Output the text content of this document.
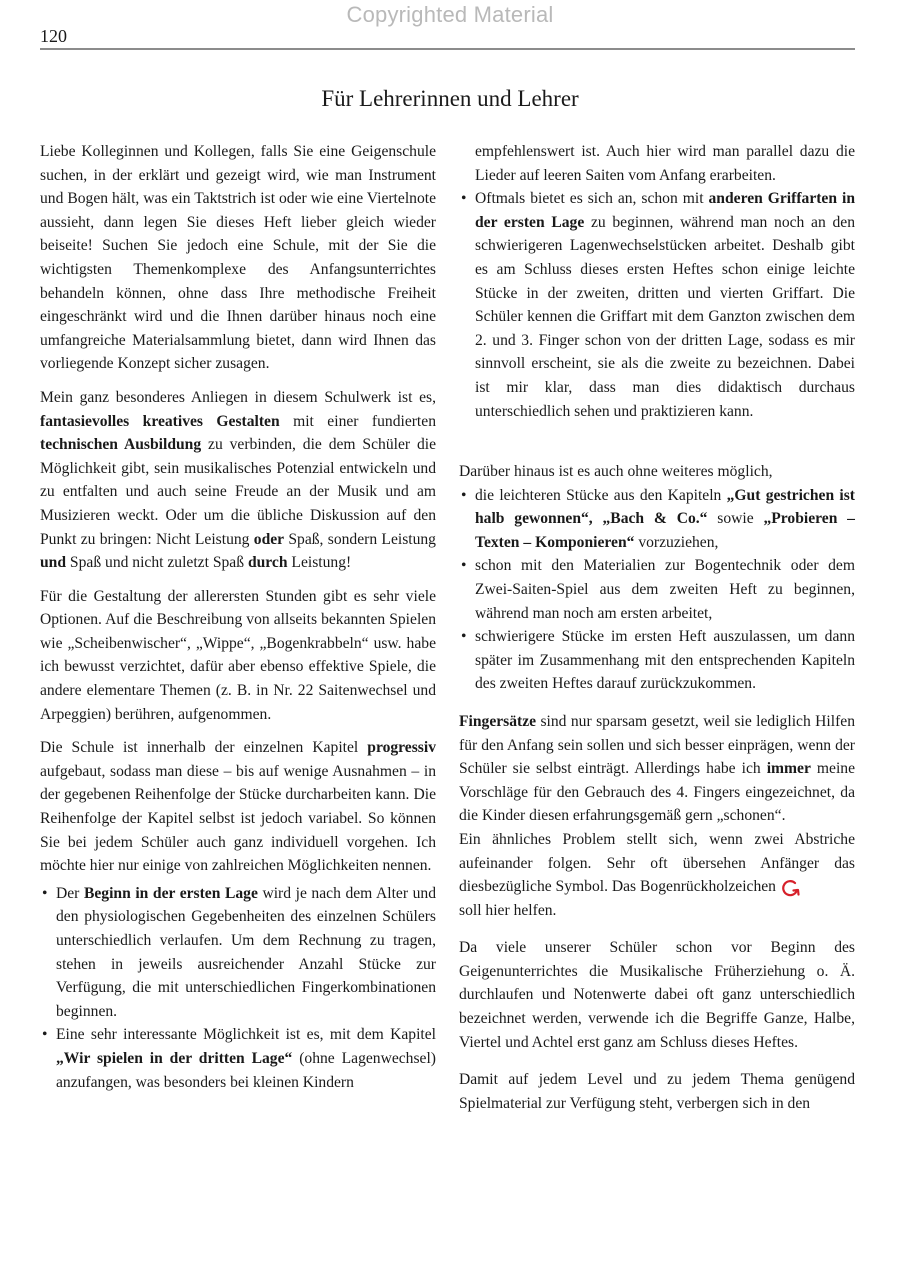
Copyrighted Material
120
Für Lehrerinnen und Lehrer

Liebe Kolleginnen und Kollegen, falls Sie eine Geigenschule suchen, in der erklärt und gezeigt wird, wie man Instrument und Bogen hält, was ein Taktstrich ist oder wie eine Viertelnote aussieht, dann legen Sie dieses Heft lieber gleich wieder beiseite! Suchen Sie jedoch eine Schule, mit der Sie die wichtigsten Themenkomplexe des Anfangsunterrichtes behandeln können, ohne dass Ihre methodische Freiheit eingeschränkt wird und die Ihnen darüber hinaus noch eine umfangreiche Materialsammlung bietet, dann wird Ihnen das vorliegende Konzept sicher zusagen.

Mein ganz besonderes Anliegen in diesem Schulwerk ist es, fantasievolles kreatives Gestalten mit einer fundierten technischen Ausbildung zu verbinden, die dem Schüler die Möglichkeit gibt, sein musikalisches Potenzial entwickeln und zu entfalten und auch seine Freude an der Musik und am Musizieren weckt. Oder um die übliche Diskussion auf den Punkt zu bringen: Nicht Leistung oder Spaß, sondern Leistung und Spaß und nicht zuletzt Spaß durch Leistung!

Für die Gestaltung der allerersten Stunden gibt es sehr viele Optionen. Auf die Beschreibung von allseits bekannten Spielen wie „Scheibenwischer“, „Wippe“, „Bogenkrabbeln“ usw. habe ich bewusst verzichtet, dafür aber ebenso effektive Spiele, die andere elementare Themen (z. B. in Nr. 22 Saitenwechsel und Arpeggien) berühren, aufgenommen.

Die Schule ist innerhalb der einzelnen Kapitel progressiv aufgebaut, sodass man diese – bis auf wenige Ausnahmen – in der gegebenen Reihenfolge der Stücke durcharbeiten kann. Die Reihenfolge der Kapitel selbst ist jedoch variabel. So können Sie bei jedem Schüler auch ganz individuell vorgehen. Ich möchte hier nur einige von zahlreichen Möglichkeiten nennen.

• Der Beginn in der ersten Lage wird je nach dem Alter und den physiologischen Gegebenheiten des einzelnen Schülers unterschiedlich verlaufen. Um dem Rechnung zu tragen, stehen in jeweils ausreichender Anzahl Stücke zur Verfügung, die mit unterschiedlichen Fingerkombinationen beginnen.
• Eine sehr interessante Möglichkeit ist es, mit dem Kapitel „Wir spielen in der dritten Lage“ (ohne Lagenwechsel) anzufangen, was besonders bei kleinen Kindern
empfehlenswert ist. Auch hier wird man parallel dazu die Lieder auf leeren Saiten vom Anfang erarbeiten.
• Oftmals bietet es sich an, schon mit anderen Griffarten in der ersten Lage zu beginnen, während man noch an den schwierigeren Lagenwechselstücken arbeitet. Deshalb gibt es am Schluss dieses ersten Heftes schon einige leichte Stücke in der zweiten, dritten und vierten Griffart. Die Schüler kennen die Griffart mit dem Ganzton zwischen dem 2. und 3. Finger schon von der dritten Lage, sodass es mir sinnvoll erscheint, sie als die zweite zu bezeichnen. Dabei ist mir klar, dass man dies didaktisch durchaus unterschiedlich sehen und praktizieren kann.

Darüber hinaus ist es auch ohne weiteres möglich,

• die leichteren Stücke aus den Kapiteln „Gut gestrichen ist halb gewonnen“, „Bach & Co.“ sowie „Probieren – Texten – Komponieren“ vorzuziehen,
• schon mit den Materialien zur Bogentechnik oder dem Zwei-Saiten-Spiel aus dem zweiten Heft zu beginnen, während man noch am ersten arbeitet,
• schwierigere Stücke im ersten Heft auszulassen, um dann später im Zusammenhang mit den entsprechenden Kapiteln des zweiten Heftes darauf zurückzukommen.

Fingersätze sind nur sparsam gesetzt, weil sie lediglich Hilfen für den Anfang sein sollen und sich besser einprägen, wenn der Schüler sie selbst einträgt. Allerdings habe ich immer meine Vorschläge für den Gebrauch des 4. Fingers eingezeichnet, da die Kinder diesen erfahrungsgemäß gern „schonen“.

Ein ähnliches Problem stellt sich, wenn zwei Abstriche aufeinander folgen. Sehr oft übersehen Anfänger das diesbezügliche Symbol. Das Bogenrückholzeichen
soll hier helfen.

Da viele unserer Schüler schon vor Beginn des Geigenunterrichtes die Musikalische Früherziehung o. Ä. durchlaufen und Notenwerte dabei oft ganz unterschiedlich bezeichnet werden, verwende ich die Begriffe Ganze, Halbe, Viertel und Achtel erst ganz am Schluss dieses Heftes.

Damit auf jedem Level und zu jedem Thema genügend Spielmaterial zur Verfügung steht, verbergen sich in den
